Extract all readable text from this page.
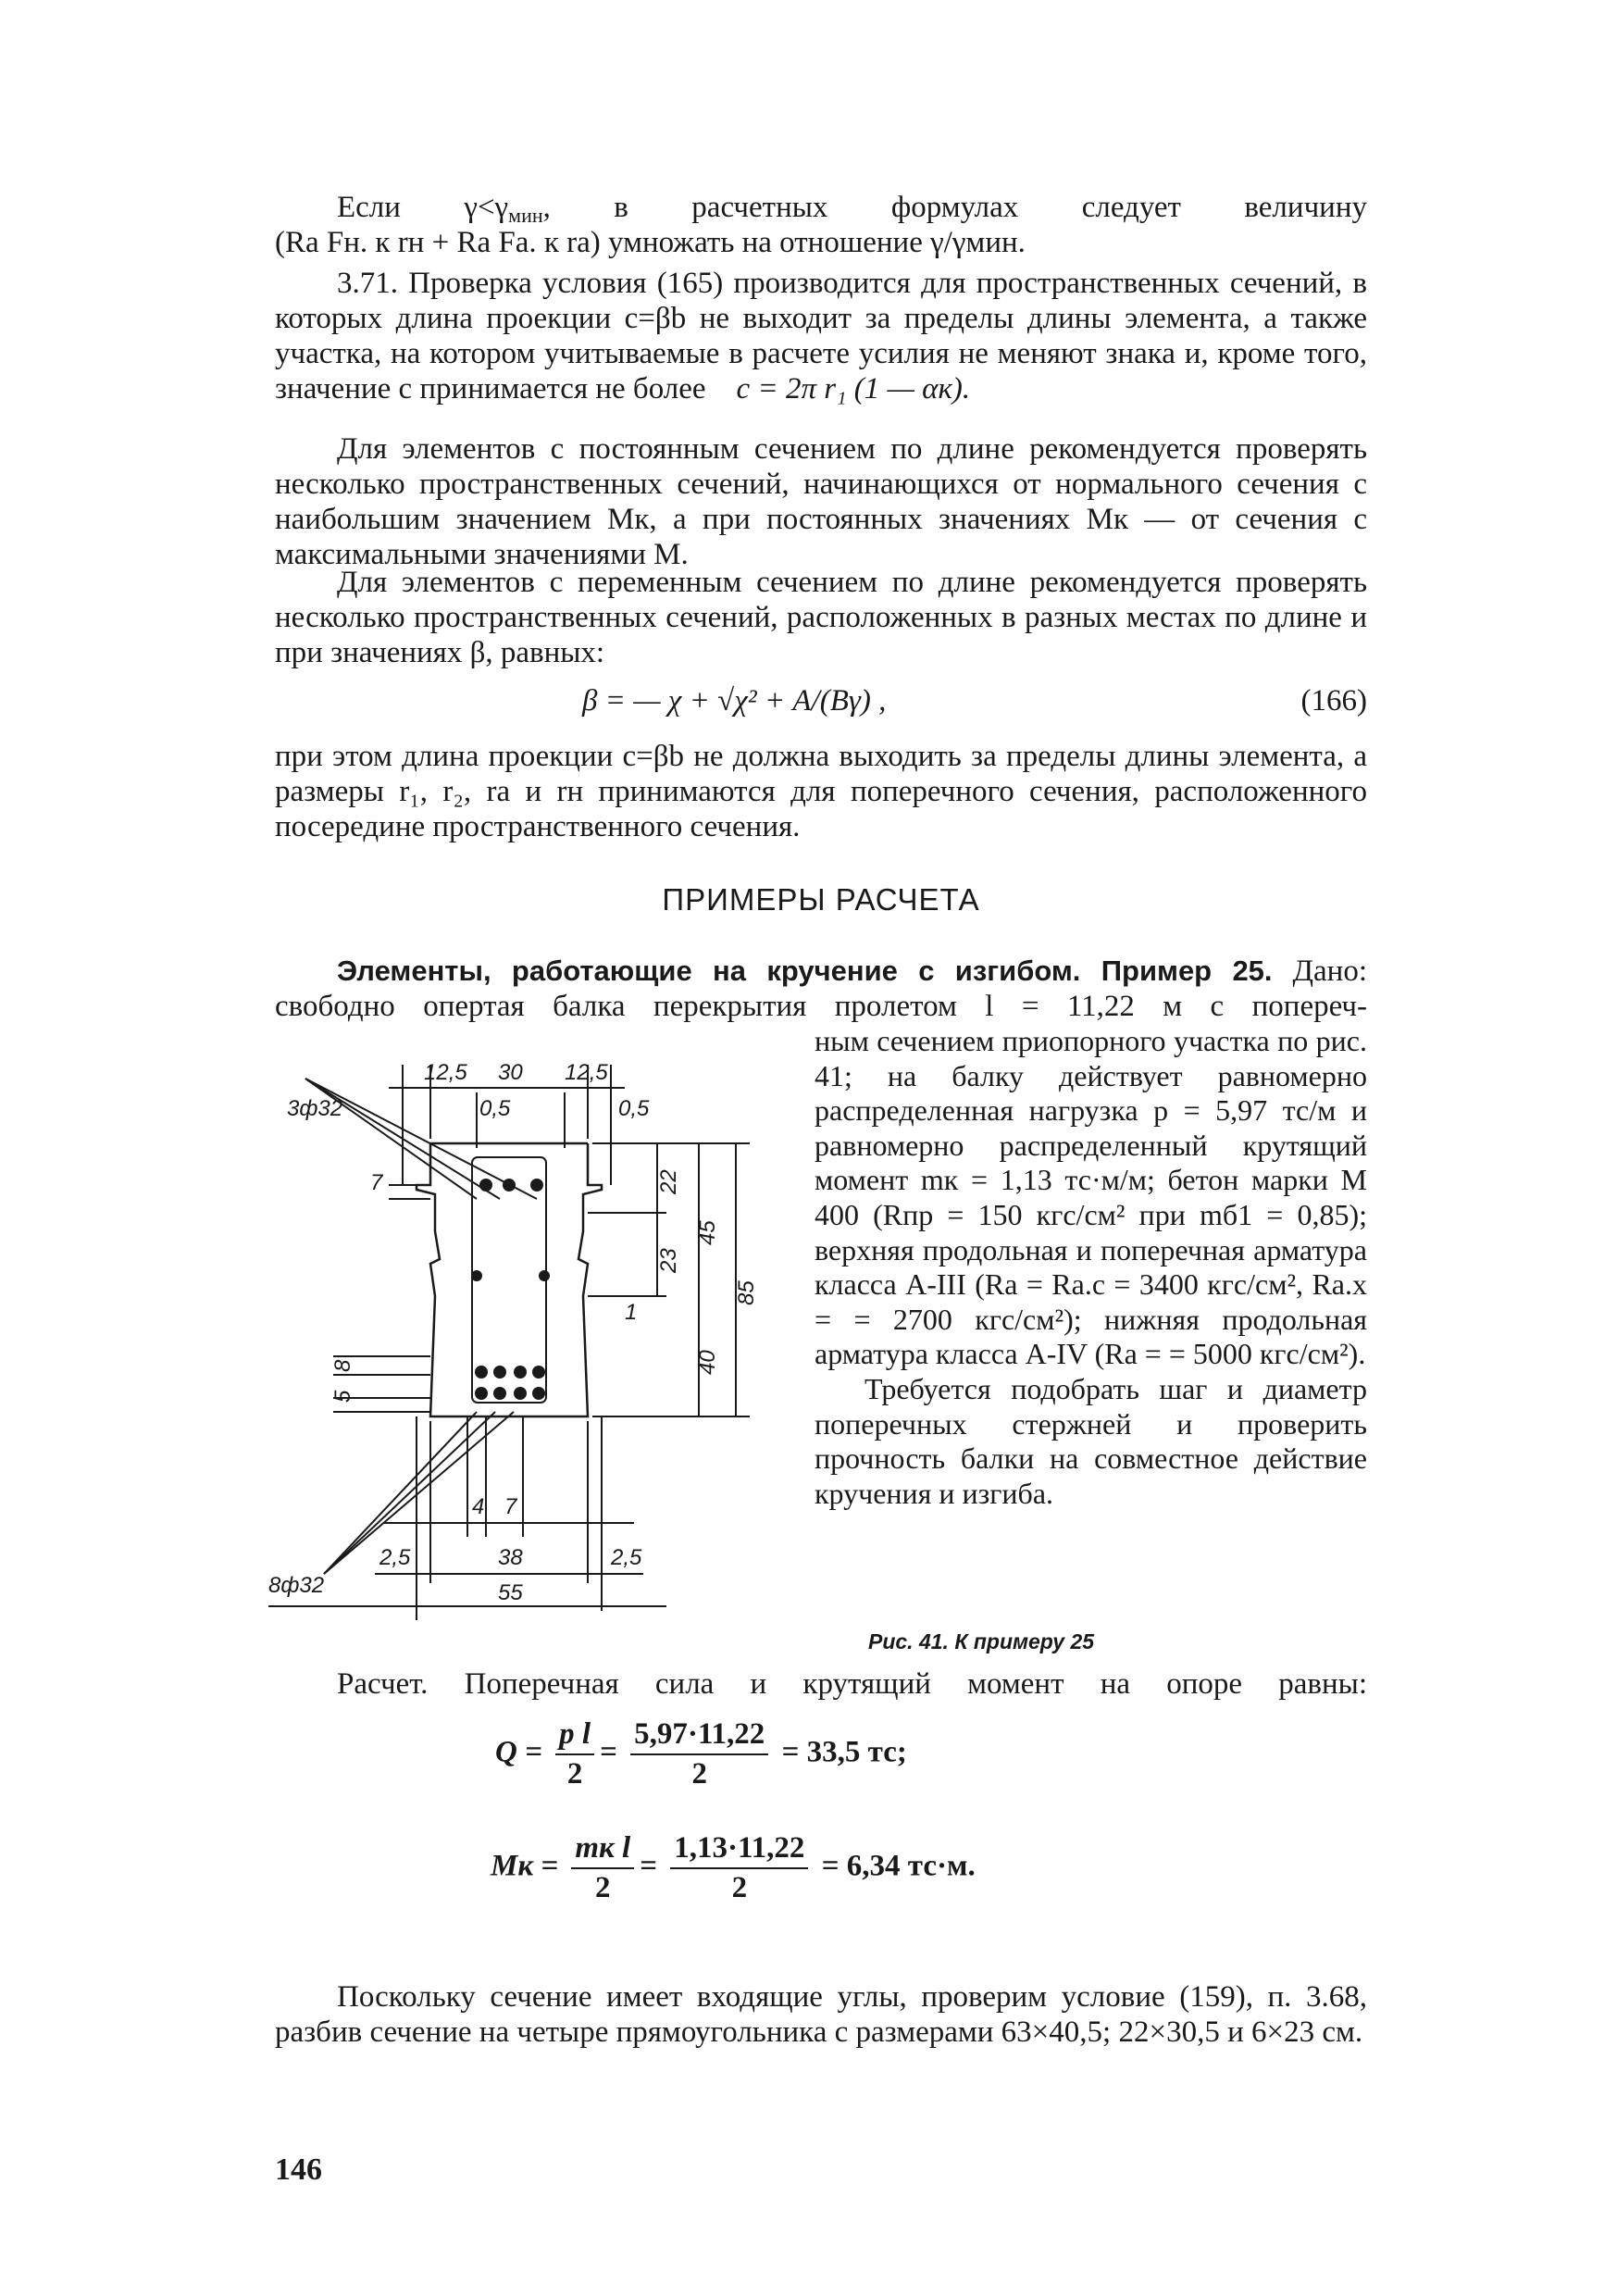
Если $\gamma<\gamma_{мин}$, в расчетных формулах следует величину

(Rа Fн. к rн + Rа Fа. к rа) умножать на отношение γ/γмин.

3.71. Проверка условия (165) производится для пространственных сечений, в которых длина проекции c=βb не выходит за пределы длины элемента, а также участка, на котором учитываемые в расчете усилия не меняют знака и, кроме того, значение c принимается не более c = 2π r₁ (1 — αк).

Для элементов с постоянным сечением по длине рекомендуется проверять несколько пространственных сечений, начинающихся от нормального сечения с наибольшим значением Mк, а при постоянных значениях Mк — от сечения с максимальными значениями M.

Для элементов с переменным сечением по длине рекомендуется проверять несколько пространственных сечений, расположенных в разных местах по длине и при значениях β, равных:

β = — χ + √χ² + A/(Bγ) ,	(166)

при этом длина проекции c=βb не должна выходить за пределы длины элемента, а размеры r₁, r₂, rа и rн принимаются для поперечного сечения, расположенного посередине пространственного сечения.

ПРИМЕРЫ РАСЧЕТА

Элементы, работающие на кручение с изгибом. Пример 25. Дано:

свободно опертая балка перекрытия пролетом l = 11,22 м с попереч-

ным сечением приопорного участка по рис. 41; на балку действует равномерно распределенная нагрузка p = 5,97 тс/м и равномерно распределенный крутящий момент mк = 1,13 тс·м/м; бетон марки М 400 (Rпр = 150 кгс/см² при mб1 = 0,85); верхняя продольная и поперечная арматура класса A-III (Rа = Rа.с = 3400 кгс/см², Rа.х = = 2700 кгс/см²); нижняя продольная арматура класса A-IV (Rа = = 5000 кгс/см²).

Требуется подобрать шаг и диаметр поперечных стержней и проверить прочность балки на совместное действие кручения и изгиба.

12,5 30 12,5
3ф32	0,5	0,5
7	22
45
23
85
1
40
5
8
8ф32
4 7
38
2,5	2,5
55
Рис. 41. К примеру 25

Расчет. Поперечная сила и крутящий момент на опоре равны:

$Q = \frac{\text{p l}}{2} = \frac{5,97\cdot 11,22}{2} = 33,5$ тс;
Mк = $\frac{\text{mк l}}{2} = \frac{1,13\cdot 11,22}{2} = 6,34$ тс·м.

Поскольку сечение имеет входящие углы, проверим условие (159), п. 3.68, разбив сечение на четыре прямоугольника с размерами 63×40,5; 22×30,5 и 6×23 см.

146
